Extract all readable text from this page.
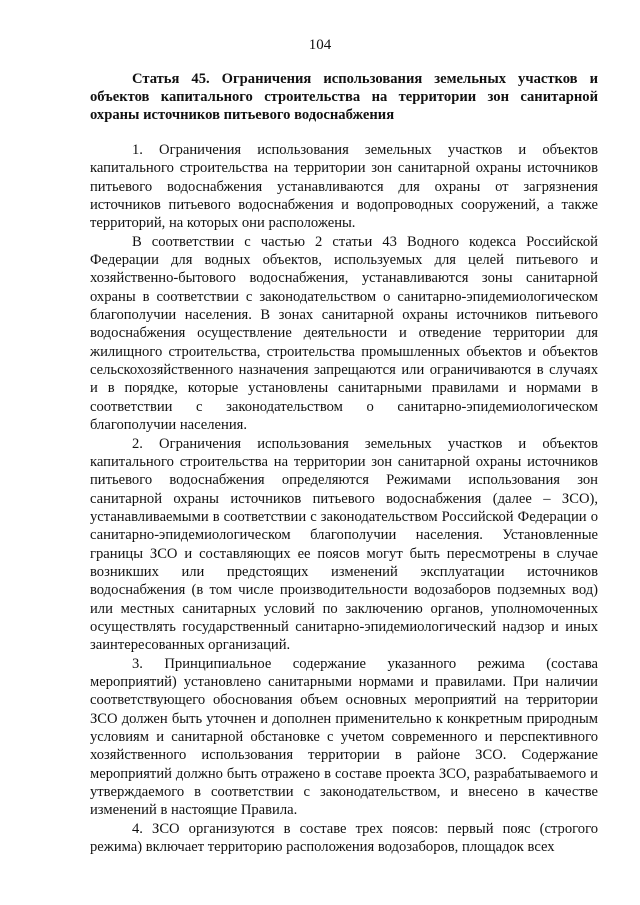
104
Статья 45. Ограничения использования земельных участков и объектов капитального строительства на территории зон санитарной охраны источников питьевого водоснабжения

1. Ограничения использования земельных участков и объектов капитального строительства на территории зон санитарной охраны источников питьевого водоснабжения устанавливаются для охраны от загрязнения источников питьевого водоснабжения и водопроводных сооружений, а также территорий, на которых они расположены.

В соответствии с частью 2 статьи 43 Водного кодекса Российской Федерации для водных объектов, используемых для целей питьевого и хозяйственно-бытового водоснабжения, устанавливаются зоны санитарной охраны в соответствии с законодательством о санитарно-эпидемиологическом благополучии населения. В зонах санитарной охраны источников питьевого водоснабжения осуществление деятельности и отведение территории для жилищного строительства, строительства промышленных объектов и объектов сельскохозяйственного назначения запрещаются или ограничиваются в случаях и в порядке, которые установлены санитарными правилами и нормами в соответствии с законодательством о санитарно-эпидемиологическом благополучии населения.

2. Ограничения использования земельных участков и объектов капитального строительства на территории зон санитарной охраны источников питьевого водоснабжения определяются Режимами использования зон санитарной охраны источников питьевого водоснабжения (далее – ЗСО), устанавливаемыми в соответствии с законодательством Российской Федерации о санитарно-эпидемиологическом благополучии населения. Установленные границы ЗСО и составляющих ее поясов могут быть пересмотрены в случае возникших или предстоящих изменений эксплуатации источников водоснабжения (в том числе производительности водозаборов подземных вод) или местных санитарных условий по заключению органов, уполномоченных осуществлять государственный санитарно-эпидемиологический надзор и иных заинтересованных организаций.

3. Принципиальное содержание указанного режима (состава мероприятий) установлено санитарными нормами и правилами. При наличии соответствующего обоснования объем основных мероприятий на территории ЗСО должен быть уточнен и дополнен применительно к конкретным природным условиям и санитарной обстановке с учетом современного и перспективного хозяйственного использования территории в районе ЗСО. Содержание мероприятий должно быть отражено в составе проекта ЗСО, разрабатываемого и утверждаемого в соответствии с законодательством, и внесено в качестве изменений в настоящие Правила.

4. ЗСО организуются в составе трех поясов: первый пояс (строгого режима) включает территорию расположения водозаборов, площадок всех
